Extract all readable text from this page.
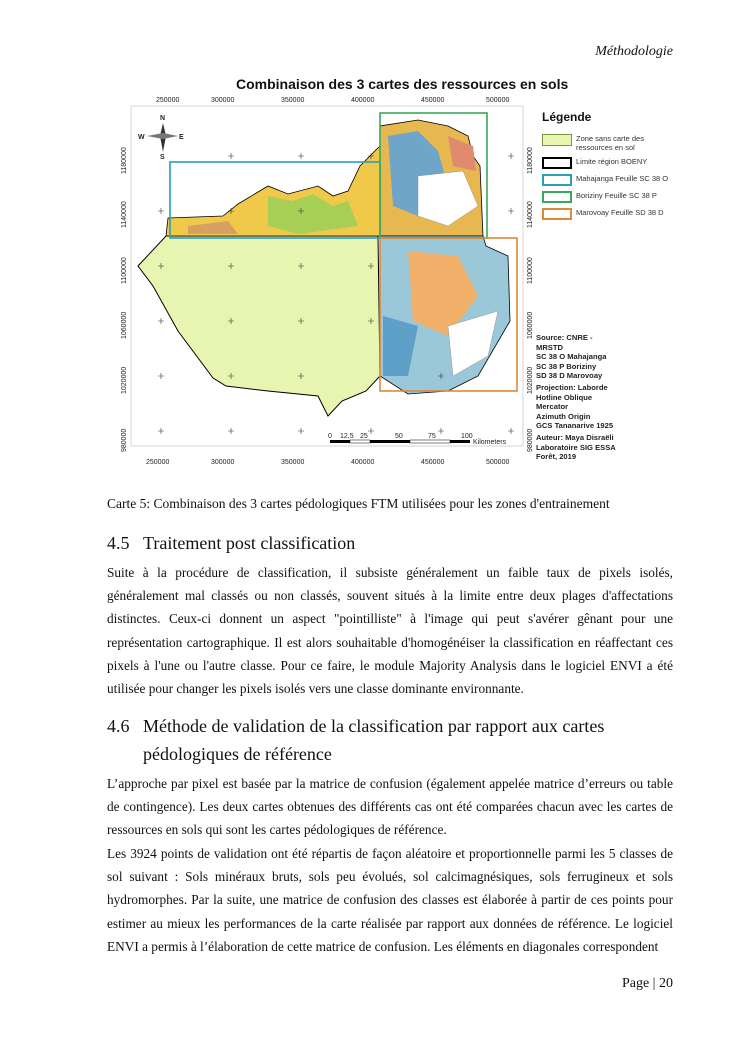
Méthodologie
Combinaison des 3 cartes des ressources en sols
250000	300000	350000	400000	450000	500000
250000	300000	350000	400000	450000	500000
1180000
1140000
1100000
1060000
1020000
980000
1180000
1140000
1100000
1060000
1020000
980000
N
W	E
S
0 12,5 25	50	75	100
Kilometers
Légende
Zone sans carte des ressources en sol
Limite région BOENY
Mahajanga Feuille SC 38 O
Boriziny Feuille SC 38 P
Marovoay Feuille SD 38 D
Source: CNRE - MRSTD
SC 38 O Mahajanga
SC 38 P Boriziny
SD 38 D Marovoay
Projection: Laborde
Hotline Oblique Mercator
Azimuth Origin
GCS Tananarive 1925
Auteur: Maya Disraëli
Laboratoire SIG ESSA Forêt, 2019
Carte 5: Combinaison des 3 cartes pédologiques FTM utilisées pour les zones d'entrainement
4.5 Traitement post classification
Suite à la procédure de classification, il subsiste généralement un faible taux de pixels isolés, généralement mal classés ou non classés, souvent situés à la limite entre deux plages d'affectations distinctes. Ceux-ci donnent un aspect "pointilliste" à l'image qui peut s'avérer gênant pour une représentation cartographique. Il est alors souhaitable d'homogénéiser la classification en réaffectant ces pixels à l'une ou l'autre classe. Pour ce faire, le module Majority Analysis dans le logiciel ENVI a été utilisée pour changer les pixels isolés vers une classe dominante environnante.
4.6 Méthode de validation de la classification par rapport aux cartes
pédologiques de référence
L’approche par pixel est basée par la matrice de confusion (également appelée matrice d’erreurs ou table de contingence). Les deux cartes obtenues des différents cas ont été comparées chacun avec les cartes de ressources en sols qui sont les cartes pédologiques de référence.
Les 3924 points de validation ont été répartis de façon aléatoire et proportionnelle parmi les 5 classes de sol suivant : Sols minéraux bruts, sols peu évolués, sol calcimagnésiques, sols ferrugineux et sols hydromorphes. Par la suite, une matrice de confusion des classes est élaborée à partir de ces points pour estimer au mieux les performances de la carte réalisée par rapport aux données de référence. Le logiciel ENVI a permis à l’élaboration de cette matrice de confusion. Les éléments en diagonales correspondent
Page | 20
